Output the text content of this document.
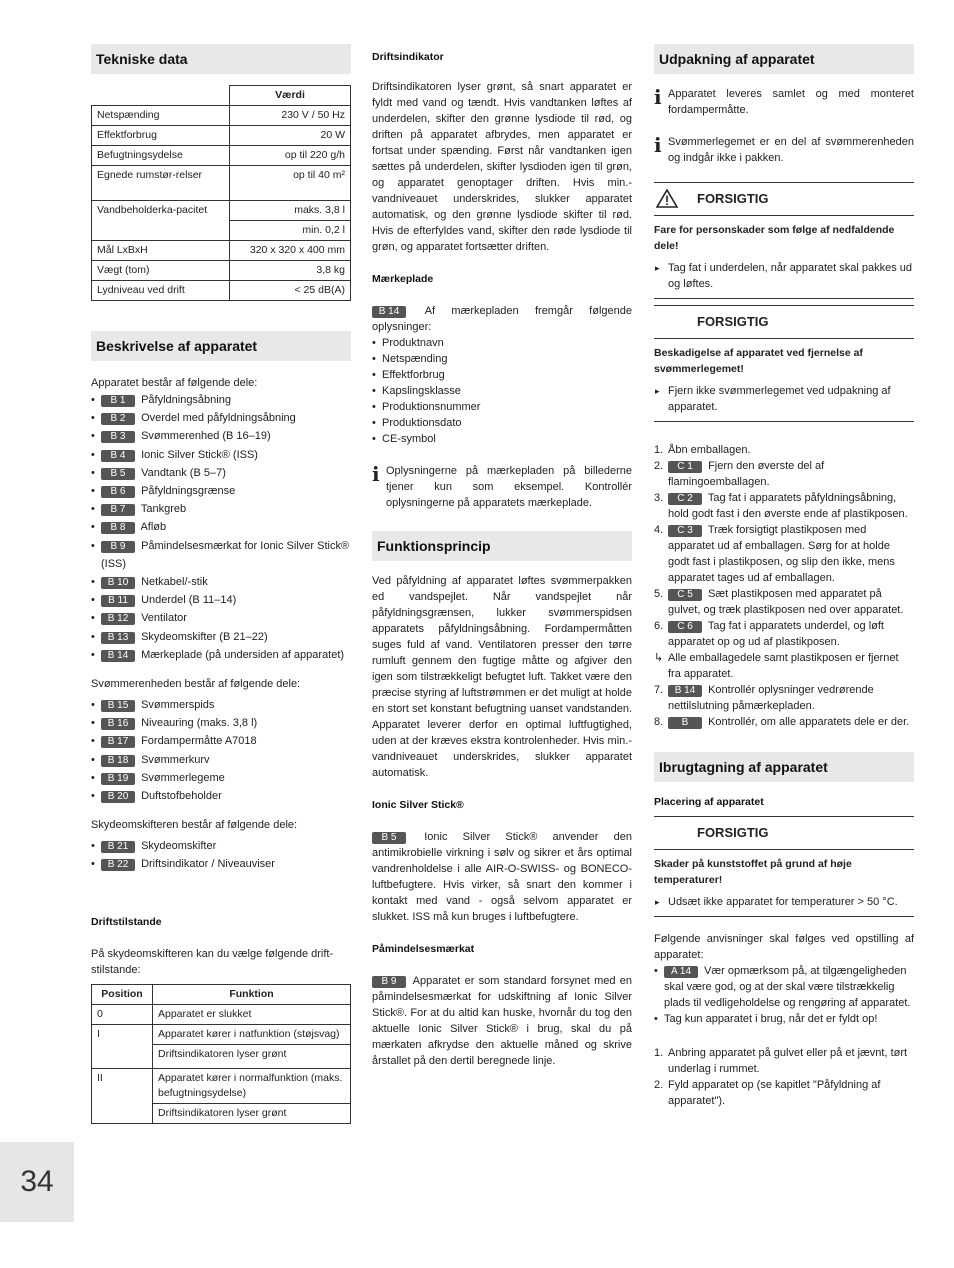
Tekniske data
	Værdi
Netspænding	230 V / 50 Hz
Effektforbrug	20 W
Befugtningsydelse	op til 220 g/h
Egnede rumstør-relser	op til 40 m²
Vandbeholderka-pacitet	maks. 3,8 l
	min. 0,2 l
Mål LxBxH	320 x 320 x 400 mm
Vægt (tom)	3,8 kg
Lydniveau ved drift	< 25 dB(A)
Beskrivelse af apparatet

Apparatet består af følgende dele:

• B 1 Påfyldningsåbning
• B 2 Overdel med påfyldningsåbning
• B 3 Svømmerenhed (B 16–19)
• B 4 Ionic Silver Stick® (ISS)
• B 5 Vandtank (B 5–7)
• B 6 Påfyldningsgrænse
• B 7 Tankgreb
• B 8 Afløb
• B 9 Påmindelsesmærkat for Ionic Silver Stick® (ISS)
• B 10 Netkabel/-stik
• B 11 Underdel (B 11–14)
• B 12 Ventilator
• B 13 Skydeomskifter (B 21–22)
• B 14 Mærkeplade (på undersiden af apparatet)

Svømmerenheden består af følgende dele:

• B 15 Svømmerspids
• B 16 Niveauring (maks. 3,8 l)
• B 17 Fordampermåtte A7018
• B 18 Svømmerkurv
• B 19 Svømmerlegeme
• B 20 Duftstofbeholder

Skydeomskifteren består af følgende dele:

• B 21 Skydeomskifter
• B 22 Driftsindikator / Niveauviser

Driftstilstande

På skydeomskifteren kan du vælge følgende drift-stilstande:

Position	Funktion
0	Apparatet er slukket
I	Apparatet kører i natfunktion (støjsvag)
	Driftsindikatoren lyser grønt
II	Apparatet kører i normalfunktion (maks. befugtningsydelse)
	Driftsindikatoren lyser grønt

Driftsindikator

Driftsindikatoren lyser grønt, så snart apparatet er fyldt med vand og tændt. Hvis vandtanken løftes af underdelen, skifter den grønne lysdiode til rød, og driften på apparatet afbrydes, men apparatet er fortsat under spænding. Først når vandtanken igen sættes på underdelen, skifter lysdioden igen til grøn, og apparatet genoptager driften. Hvis min.-vandniveauet underskrides, slukker apparatet automatisk, og den grønne lysdiode skifter til rød. Hvis de efterfyldes vand, skifter den røde lysdiode til grøn, og apparatet fortsætter driften.

Mærkeplade

B 14 Af mærkepladen fremgår følgende oplysninger:

• Produktnavn
• Netspænding
• Effektforbrug
• Kapslingsklasse
• Produktionsnummer
• Produktionsdato
• CE-symbol
i Oplysningerne på mærkepladen på billederne tjener kun som eksempel. Kontrollér oplysningerne på apparatets mærkeplade.

Funktionsprincip

Ved påfyldning af apparatet løftes svømmerpakken ed vandspejlet. Når vandspejlet når påfyldningsgrænsen, lukker svømmerspidsen apparatets påfyldningsåbning. Fordampermåtten suges fuld af vand. Ventilatoren presser den tørre rumluft gennem den fugtige måtte og afgiver den igen som tilstrækkeligt befugtet luft. Takket være den præcise styring af luftstrømmen er det muligt at holde en stort set konstant befugtning uanset vandstanden. Apparatet leverer derfor en optimal luftfugtighed, uden at der kræves ekstra kontrolenheder. Hvis min.-vandniveauet underskrides, slukker apparatet automatisk.

Ionic Silver Stick®

B 5	Ionic Silver Stick® anvender den antimikrobielle virkning i sølv og sikrer et års optimal vandrenholdelse i alle AIR-O-SWISS- og BONECO-luftbefugtere. Hvis virker, så snart den kommer i kontakt med vand - også selvom apparatet er slukket. ISS må kun bruges i luftbefugtere.

Påmindelsesmærkat

B 9 Apparatet er som standard forsynet med en påmindelsesmærkat for udskiftning af Ionic Silver Stick®. For at du altid kan huske, hvornår du tog den aktuelle Ionic Silver Stick® i brug, skal du på mærkaten afkrydse den aktuelle måned og skrive årstallet på den dertil beregnede linje.

Udpakning af apparatet
i Apparatet leveres samlet og med monteret fordampermåtte.

i Svømmerlegemet er en del af svømmerenheden og indgår ikke i pakken.

FORSIGTIG
Fare for personskader som følge af nedfaldende dele!
▸ Tag fat i underdelen, når apparatet skal pakkes ud og løftes.
FORSIGTIG
Beskadigelse af apparatet ved fjernelse af svømmerlegemet!
▸ Fjern ikke svømmerlegemet ved udpakning af apparatet.
1. Åbn emballagen.
2. C 1 Fjern den øverste del af flamingoemballagen.
3. C 2 Tag fat i apparatets påfyldningsåbning, hold godt fast i den øverste ende af plastikposen.
4. C 3 Træk forsigtigt plastikposen med apparatet ud af emballagen. Sørg for at holde godt fast i plastikposen, og slip den ikke, mens apparatet tages ud af emballagen.
5. C 5 Sæt plastikposen med apparatet på gulvet, og træk plastikposen ned over apparatet.
6. C 6 Tag fat i apparatets underdel, og løft apparatet op og ud af plastikposen.
↳ Alle emballagedele samt plastikposen er fjernet fra apparatet.
7. B 14 Kontrollér oplysninger vedrørende nettilslutning påmærkepladen.
8. B Kontrollér, om alle apparatets dele er der.
Ibrugtagning af apparatet

Placering af apparatet

FORSIGTIG
Skader på kunststoffet på grund af høje temperaturer!
▸ Udsæt ikke apparatet for temperaturer > 50 °C.

Følgende anvisninger skal følges ved opstilling af apparatet:

• A 14 Vær opmærksom på, at tilgængeligheden skal være god, og at der skal være tilstrækkelig plads til vedligeholdelse og rengøring af apparatet.
• Tag kun apparatet i brug, når det er fyldt op!
1. Anbring apparatet på gulvet eller på et jævnt, tørt underlag i rummet.
2. Fyld apparatet op (se kapitlet "Påfyldning af apparatet").
34
